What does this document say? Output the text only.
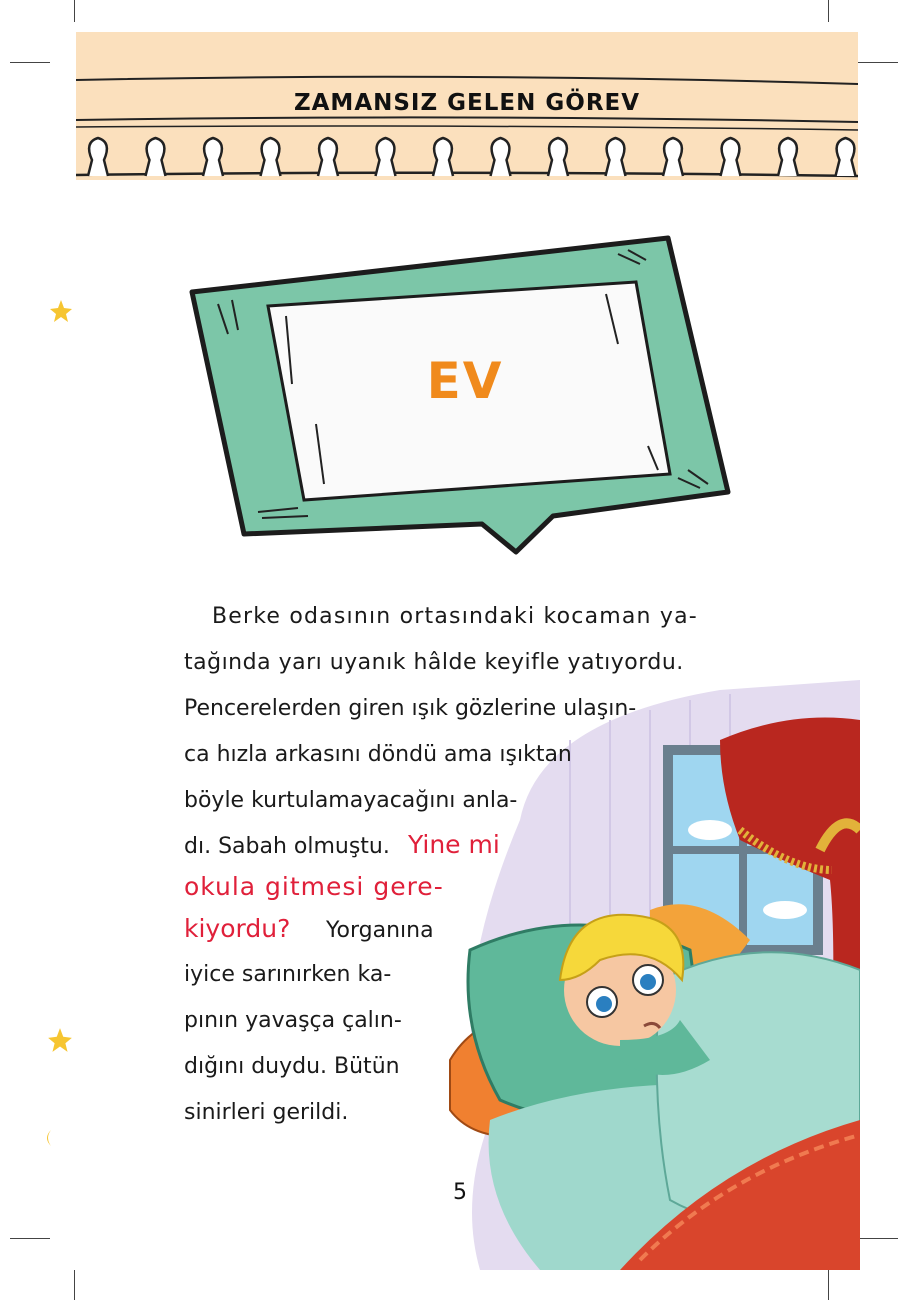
ZAMANSIZ GELEN GÖREV
EV
Berke odasının ortasındaki kocaman ya-
tağında yarı uyanık hâlde keyifle yatıyordu.
Pencerelerden giren ışık gözlerine ulaşın-
ca hızla arkasını döndü ama ışıktan
böyle kurtulamayacağını anla-
dı. Sabah olmuştu. Yine mi
okula gitmesi gere-
kiyordu? Yorganına
iyice sarınırken ka-
pının yavaşça çalın-
dığını duydu. Bütün
sinirleri gerildi.
5
